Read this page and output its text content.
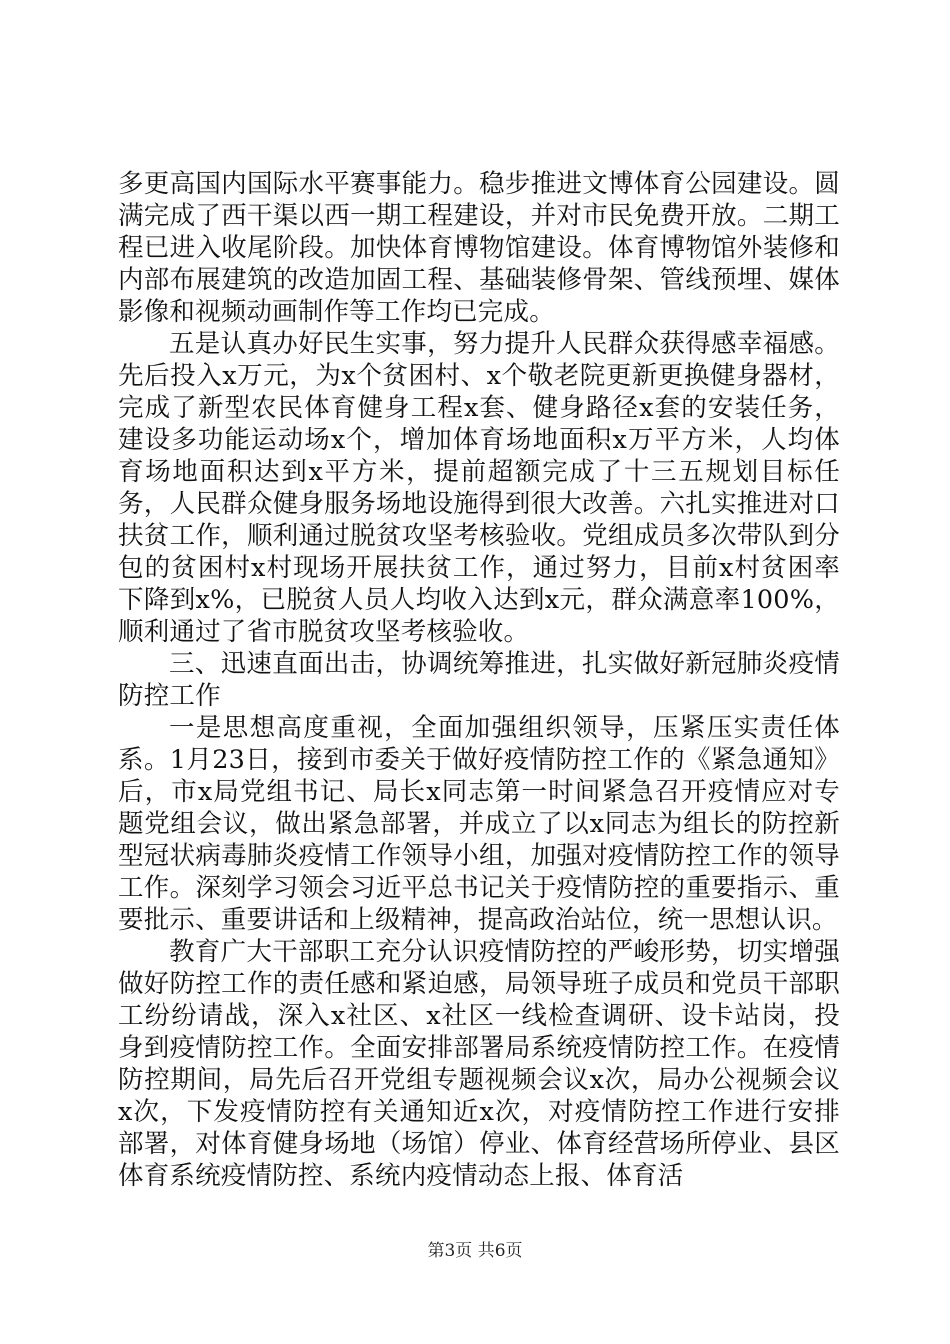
多更高国内国际水平赛事能力。稳步推进文博体育公园建设。圆满完成了西干渠以西一期工程建设，并对市民免费开放。二期工程已进入收尾阶段。加快体育博物馆建设。体育博物馆外装修和内部布展建筑的改造加固工程、基础装修骨架、管线预埋、媒体影像和视频动画制作等工作均已完成。

五是认真办好民生实事，努力提升人民群众获得感幸福感。先后投入x万元，为x个贫困村、x个敬老院更新更换健身器材，完成了新型农民体育健身工程x套、健身路径x套的安装任务，建设多功能运动场x个，增加体育场地面积x万平方米，人均体育场地面积达到x平方米，提前超额完成了十三五规划目标任务，人民群众健身服务场地设施得到很大改善。六扎实推进对口扶贫工作，顺利通过脱贫攻坚考核验收。党组成员多次带队到分包的贫困村x村现场开展扶贫工作，通过努力，目前x村贫困率下降到x%，已脱贫人员人均收入达到x元，群众满意率100%，顺利通过了省市脱贫攻坚考核验收。

三、迅速直面出击，协调统筹推进，扎实做好新冠肺炎疫情防控工作

一是思想高度重视，全面加强组织领导，压紧压实责任体系。1月23日，接到市委关于做好疫情防控工作的《紧急通知》后，市x局党组书记、局长x同志第一时间紧急召开疫情应对专题党组会议，做出紧急部署，并成立了以x同志为组长的防控新型冠状病毒肺炎疫情工作领导小组，加强对疫情防控工作的领导工作。深刻学习领会习近平总书记关于疫情防控的重要指示、重要批示、重要讲话和上级精神，提高政治站位，统一思想认识。

教育广大干部职工充分认识疫情防控的严峻形势，切实增强做好防控工作的责任感和紧迫感，局领导班子成员和党员干部职工纷纷请战，深入x社区、x社区一线检查调研、设卡站岗，投身到疫情防控工作。全面安排部署局系统疫情防控工作。在疫情防控期间，局先后召开党组专题视频会议x次，局办公视频会议x次，下发疫情防控有关通知近x次，对疫情防控工作进行安排部署，对体育健身场地（场馆）停业、体育经营场所停业、县区体育系统疫情防控、系统内疫情动态上报、体育活

第3页 共6页
